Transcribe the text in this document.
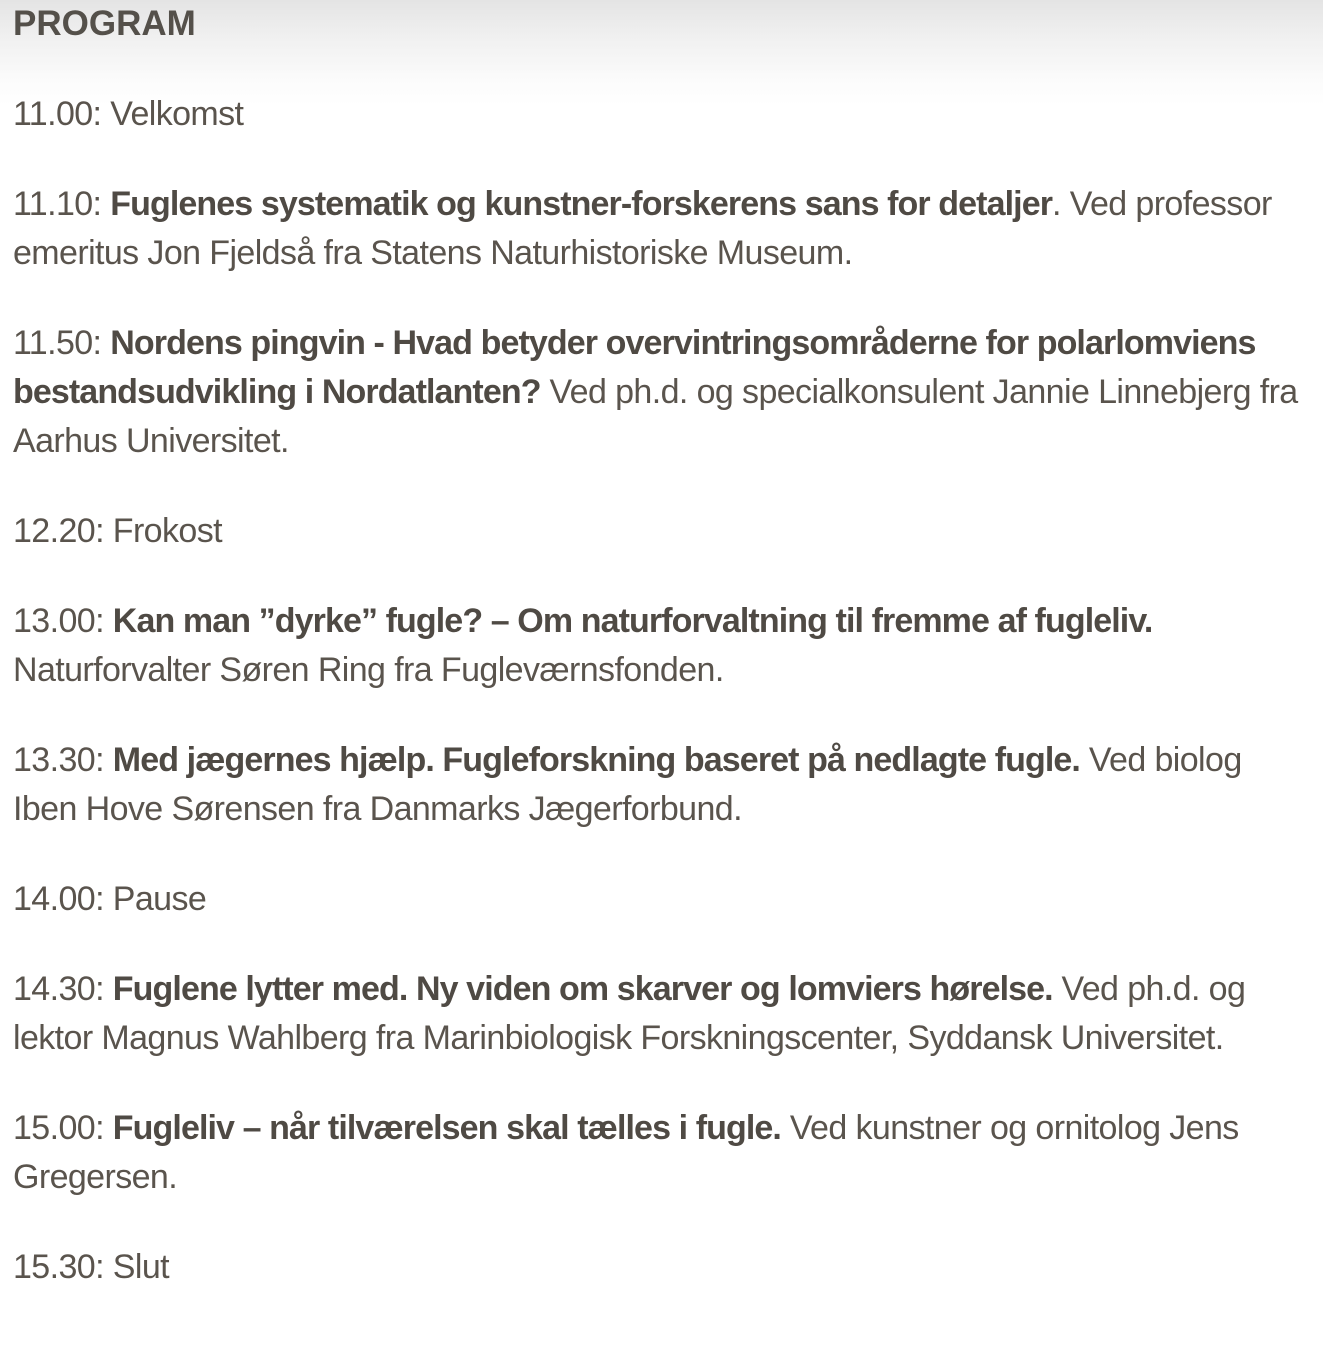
PROGRAM
11.00: Velkomst
11.10: Fuglenes systematik og kunstner-forskerens sans for detaljer. Ved professor emeritus Jon Fjeldså fra Statens Naturhistoriske Museum.
11.50: Nordens pingvin - Hvad betyder overvintringsområderne for polarlomviens bestandsudvikling i Nordatlanten? Ved ph.d. og specialkonsulent Jannie Linnebjerg fra Aarhus Universitet.
12.20: Frokost
13.00: Kan man ”dyrke” fugle? – Om naturforvaltning til fremme af fugleliv. Naturforvalter Søren Ring fra Fugleværnsfonden.
13.30: Med jægernes hjælp. Fugleforskning baseret på nedlagte fugle. Ved biolog Iben Hove Sørensen fra Danmarks Jægerforbund.
14.00: Pause
14.30: Fuglene lytter med. Ny viden om skarver og lomviers hørelse. Ved ph.d. og lektor Magnus Wahlberg fra Marinbiologisk Forskningscenter, Syddansk Universitet.
15.00: Fugleliv – når tilværelsen skal tælles i fugle. Ved kunstner og ornitolog Jens Gregersen.
15.30: Slut
